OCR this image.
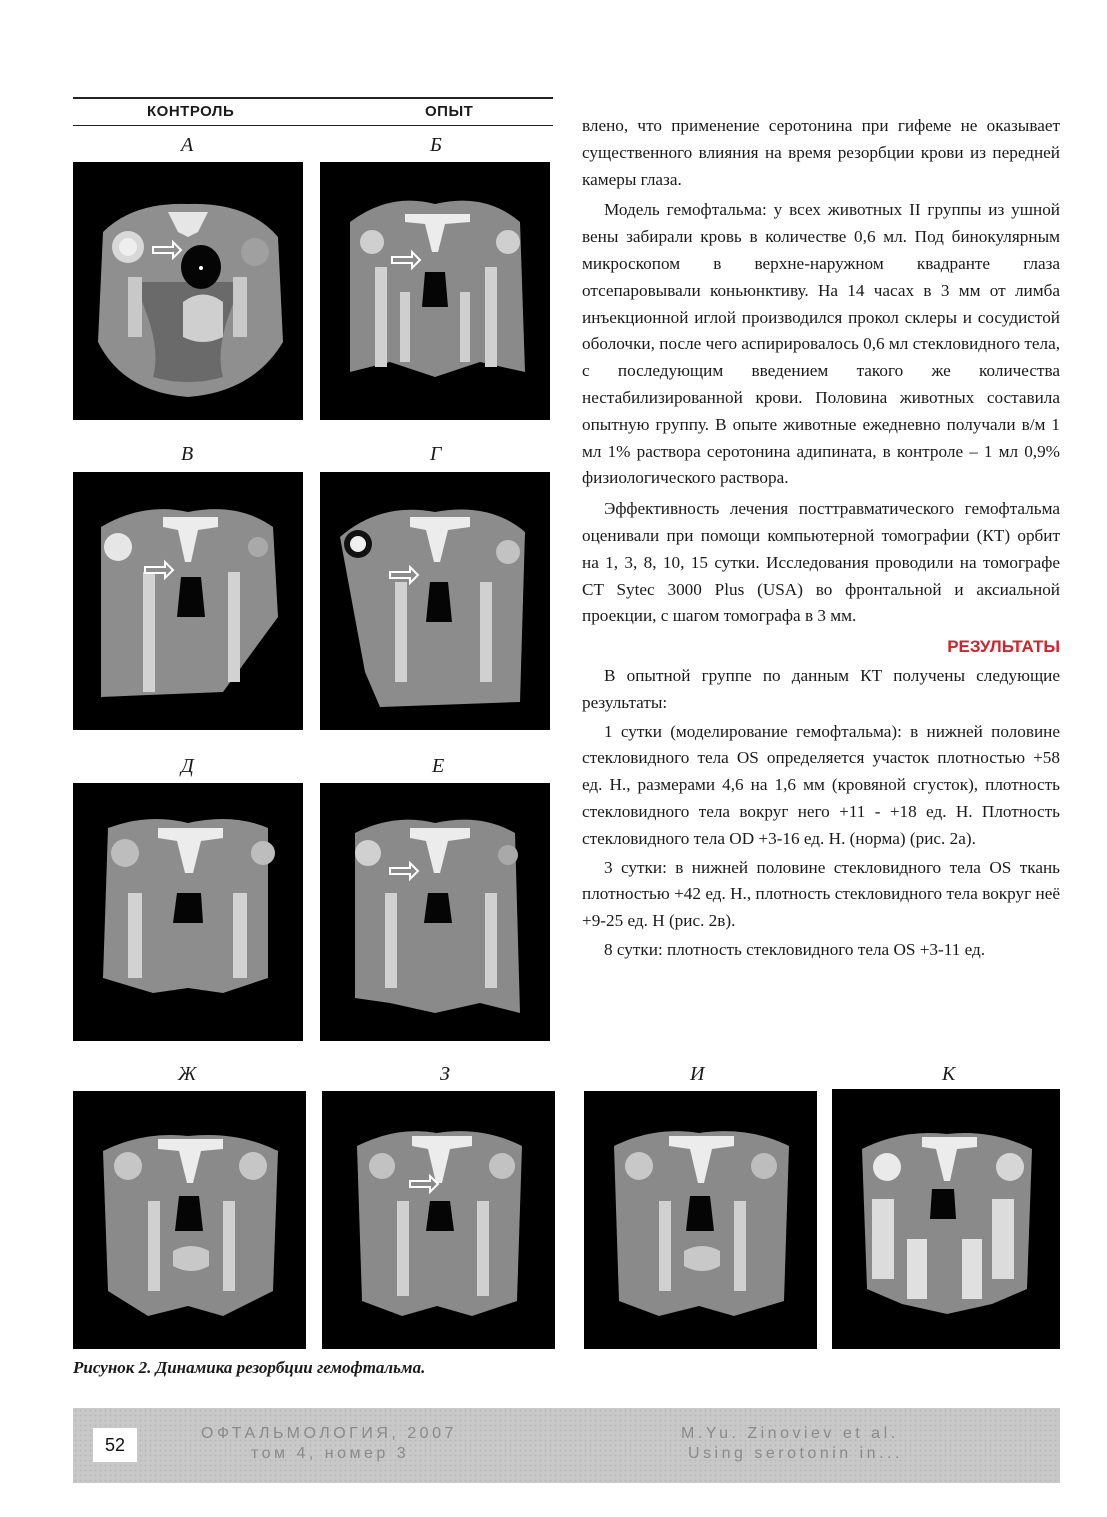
КОНТРОЛЬ	ОПЫТ
А	Б
В	Г
Д	Е
Ж	З	И	К

влено, что применение серотонина при гифеме не оказывает существенного влияния на время резорбции крови из передней камеры глаза.

Модель гемофтальма: у всех животных II группы из ушной вены забирали кровь в количестве 0,6 мл. Под бинокулярным микроскопом в верхне-наружном квадранте глаза отсепаровывали коньюнктиву. На 14 часах в 3 мм от лимба инъекционной иглой производился прокол склеры и сосудистой оболочки, после чего аспирировалось 0,6 мл стекловидного тела, с последующим введением такого же количества нестабилизированной крови. Половина животных составила опытную группу. В опыте животные ежедневно получали в/м 1 мл 1% раствора серотонина адипината, в контроле – 1 мл 0,9% физиологического раствора.

Эффективность лечения посттравматического гемофтальма оценивали при помощи компьютерной томографии (КТ) орбит на 1, 3, 8, 10, 15 сутки. Исследования проводили на томографе CT Sytec 3000 Plus (USA) во фронтальной и аксиальной проекции, с шагом томографа в 3 мм.

РЕЗУЛЬТАТЫ

В опытной группе по данным КТ получены следующие результаты:

1 сутки (моделирование гемофтальма): в нижней половине стекловидного тела OS определяется участок плотностью +58 ед. Н., размерами 4,6 на 1,6 мм (кровяной сгусток), плотность стекловидного тела вокруг него +11 - +18 ед. Н. Плотность стекловидного тела OD +3-16 ед. Н. (норма) (рис. 2а).

3 сутки: в нижней половине стекловидного тела OS ткань плотностью +42 ед. Н., плотность стекловидного тела вокруг неё +9-25 ед. Н (рис. 2в).

8 сутки: плотность стекловидного тела OS +3-11 ед.

Рисунок 2. Динамика резорбции гемофтальма.
52
ОФТАЛЬМОЛОГИЯ, 2007
том 4, номер 3
M.Yu. Zinoviev et al.
Using serotonin in...
